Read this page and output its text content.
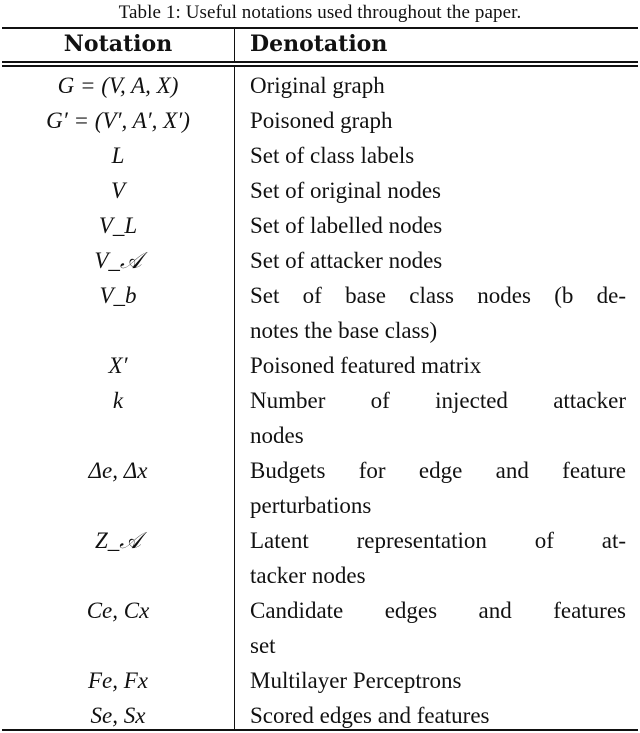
Table 1: Useful notations used throughout the paper.
Notation	Denotation
G = (V, A, X)	Original graph
G′ = (V′, A′, X′)	Poisoned graph
L	Set of class labels
V	Set of original nodes
V_L	Set of labelled nodes
V_𝒜	Set of attacker nodes
V_b	Set of base class nodes (b de-
notes the base class)
X′	Poisoned featured matrix
k	Number of injected attacker
nodes
Δe, Δx	Budgets for edge and feature
perturbations
Z_𝒜	Latent representation of at-
tacker nodes
Ce, Cx	Candidate edges and features
set
Fe, Fx	Multilayer Perceptrons
Se, Sx	Scored edges and features
